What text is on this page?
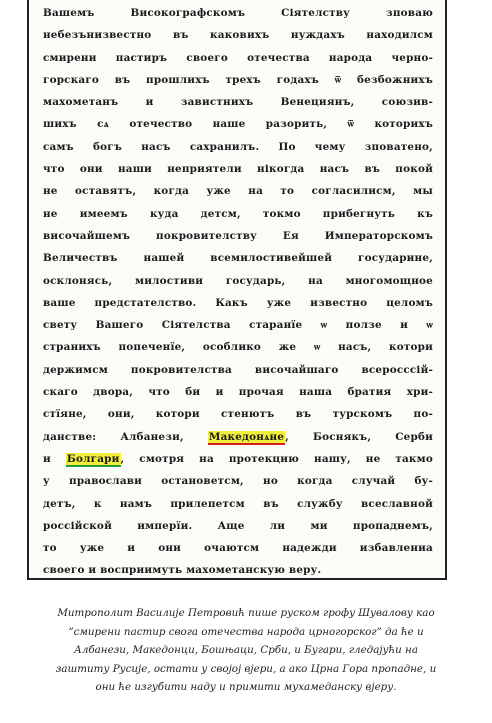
Вашемъ Високографскомъ Сіятелству зповаю
небезънизвестно въ каковихъ нуждахъ находилсм
смирени пастиръ своего отечества народа черно-
горскаго въ прошлихъ трехъ годахъ ѿ безбожнихъ
махометанъ и завистнихъ Венециянъ, союзив-
шихъ сѧ отечество наше разорить, ѿ которихъ
самъ богъ насъ сахранилъ. По чему зповатено,
что они наши неприятели нікогда насъ въ покой
не оставятъ, когда уже на то согласилисм, мы
не имеемъ куда детсм, токмо прибегнуть къ
височайшемъ покровителству Ея Императорскомъ
Величествъ нашей всемилостивейшей государине,
осклонясь, милостиви государь, на многомощное
ваше предстателство. Какъ уже известно целомъ
свету Вашего Сіятелства старанїе ѡ ползе и ѡ
странихъ попеченїе, особлико же ѡ насъ, котори
держимсм покровителства височайшаго всеросссій-
скаго двора, что би и прочая наша братия хри-
стїяне, они, котори стенютъ въ турскомъ по-
данстве: Албанези, Македонѧне, Боснякъ, Серби
и Болгари, смотря на протекцию нашу, не такмо
у православи остановетсм, но когда случай бу-
детъ, к намъ прилепетсм въ службу всеславной
россійской имперїи. Аще ли ми пропаднемъ,
то уже и они очаютсм надежди избавлениа
своего и восприимуть махометанскую веру.
Митрополит Василије Петровић пише руском грофу Шувалову као
”смирени пастир свога отечества народа црногорског” да ће и
Албанези, Македонци, Бошњаци, Срби, и Бугари, гледајући на
заштиту Русије, остати у својој вјери, а ако Црна Гора пропадне, и
они ће изгубити наду и примити мухамеданску вјеру.
